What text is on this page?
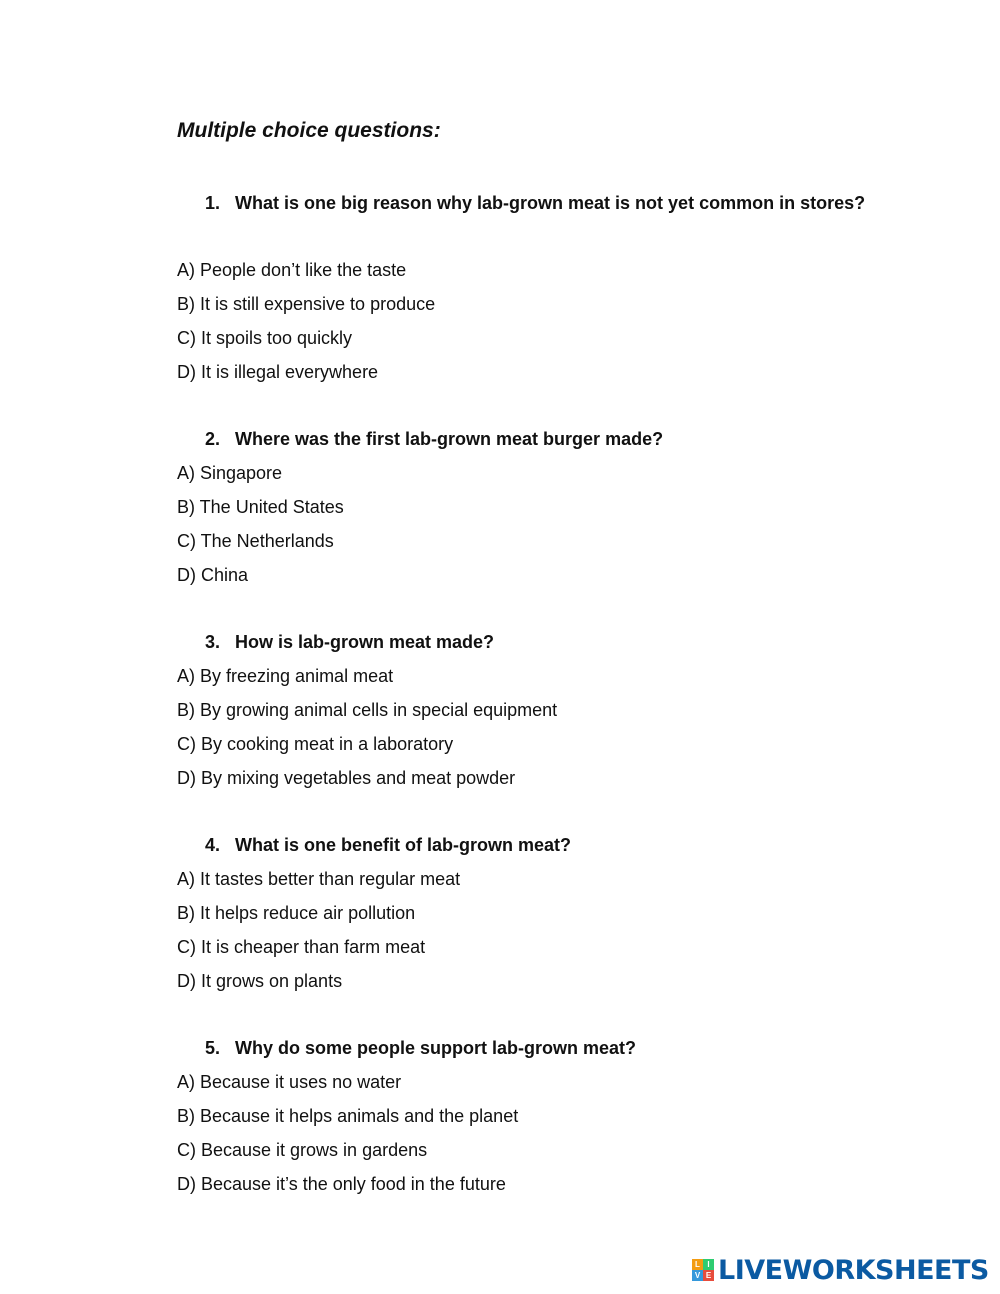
Multiple choice questions:
1. What is one big reason why lab-grown meat is not yet common in stores?
A) People don’t like the taste
B) It is still expensive to produce
C) It spoils too quickly
D) It is illegal everywhere
2. Where was the first lab-grown meat burger made?
A) Singapore
B) The United States
C) The Netherlands
D) China
3. How is lab-grown meat made?
A) By freezing animal meat
B) By growing animal cells in special equipment
C) By cooking meat in a laboratory
D) By mixing vegetables and meat powder
4. What is one benefit of lab-grown meat?
A) It tastes better than regular meat
B) It helps reduce air pollution
C) It is cheaper than farm meat
D) It grows on plants
5. Why do some people support lab-grown meat?
A) Because it uses no water
B) Because it helps animals and the planet
C) Because it grows in gardens
D) Because it’s the only food in the future
L I
V E LIVEWORKSHEETS
